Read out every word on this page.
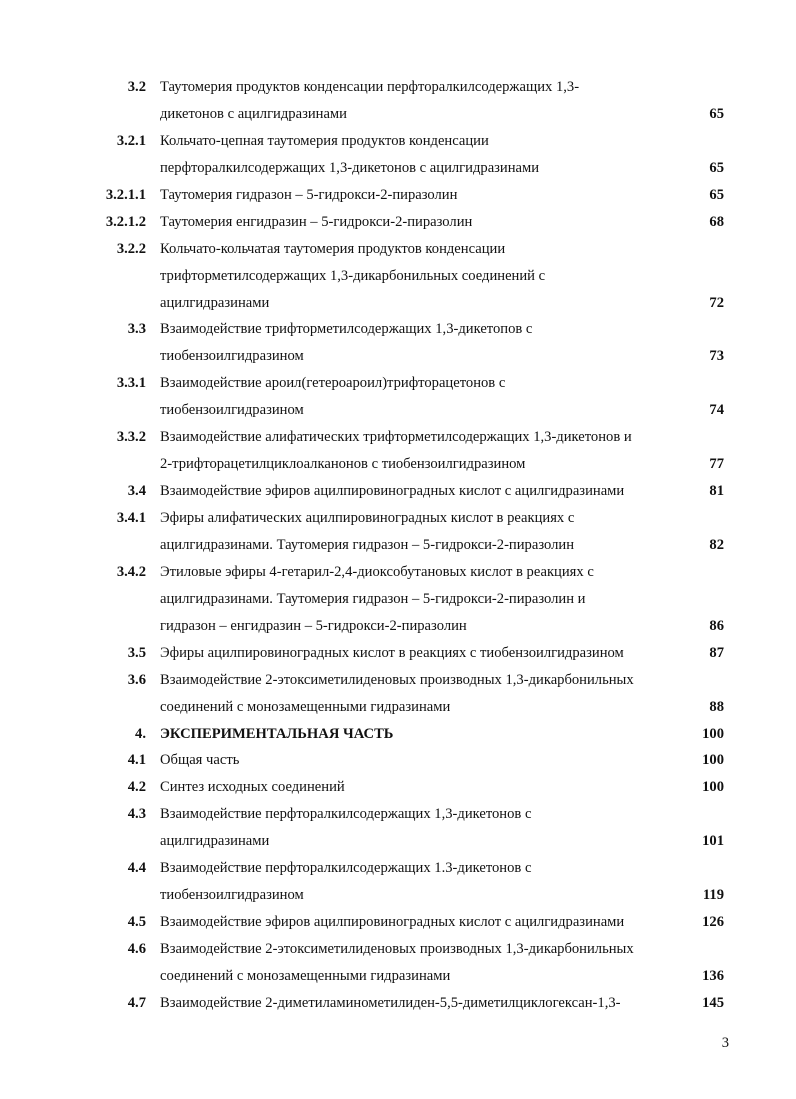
3.2 Таутомерия продуктов конденсации перфторалкилсодержащих 1,3-
дикетонов с ацилгидразинами	65
3.2.1 Кольчато-цепная таутомерия продуктов конденсации
перфторалкилсодержащих 1,3-дикетонов с ацилгидразинами	65
3.2.1.1 Таутомерия гидразон – 5-гидрокси-2-пиразолин	65
3.2.1.2 Таутомерия енгидразин – 5-гидрокси-2-пиразолин	68
3.2.2 Кольчато-кольчатая таутомерия продуктов конденсации
трифторметилсодержащих 1,3-дикарбонильных соединений с
ацилгидразинами	72
3.3 Взаимодействие трифторметилсодержащих 1,3-дикетопов с
тиобензоилгидразином	73
3.3.1 Взаимодействие ароил(гетероароил)трифторацетонов с
тиобензоилгидразином	74
3.3.2 Взаимодействие алифатических трифторметилсодержащих 1,3-дикетонов и
2-трифторацетилциклоалканонов с тиобензоилгидразином	77
3.4 Взаимодействие эфиров ацилпировиноградных кислот с ацилгидразинами	81
3.4.1 Эфиры алифатических ацилпировиноградных кислот в реакциях с
ацилгидразинами. Таутомерия гидразон – 5-гидрокси-2-пиразолин	82
3.4.2 Этиловые эфиры 4-гетарил-2,4-диоксобутановых кислот в реакциях с
ацилгидразинами. Таутомерия гидразон – 5-гидрокси-2-пиразолин и
гидразон – енгидразин – 5-гидрокси-2-пиразолин	86
3.5 Эфиры ацилпировиноградных кислот в реакциях с тиобензоилгидразином	87
3.6 Взаимодействие 2-этоксиметилиденовых производных 1,3-дикарбонильных
соединений с монозамещенными гидразинами	88
4. ЭКСПЕРИМЕНТАЛЬНАЯ ЧАСТЬ	100
4.1 Общая часть	100
4.2 Синтез исходных соединений	100
4.3 Взаимодействие перфторалкилсодержащих 1,3-дикетонов с
ацилгидразинами	101
4.4 Взаимодействие перфторалкилсодержащих 1.3-дикетонов с
тиобензоилгидразином	119
4.5 Взаимодействие эфиров ацилпировиноградных кислот с ацилгидразинами	126
4.6 Взаимодействие 2-этоксиметилиденовых производных 1,3-дикарбонильных
соединений с монозамещенными гидразинами	136
4.7 Взаимодействие 2-диметиламинометилиден-5,5-диметилциклогексан-1,3-	145
3
